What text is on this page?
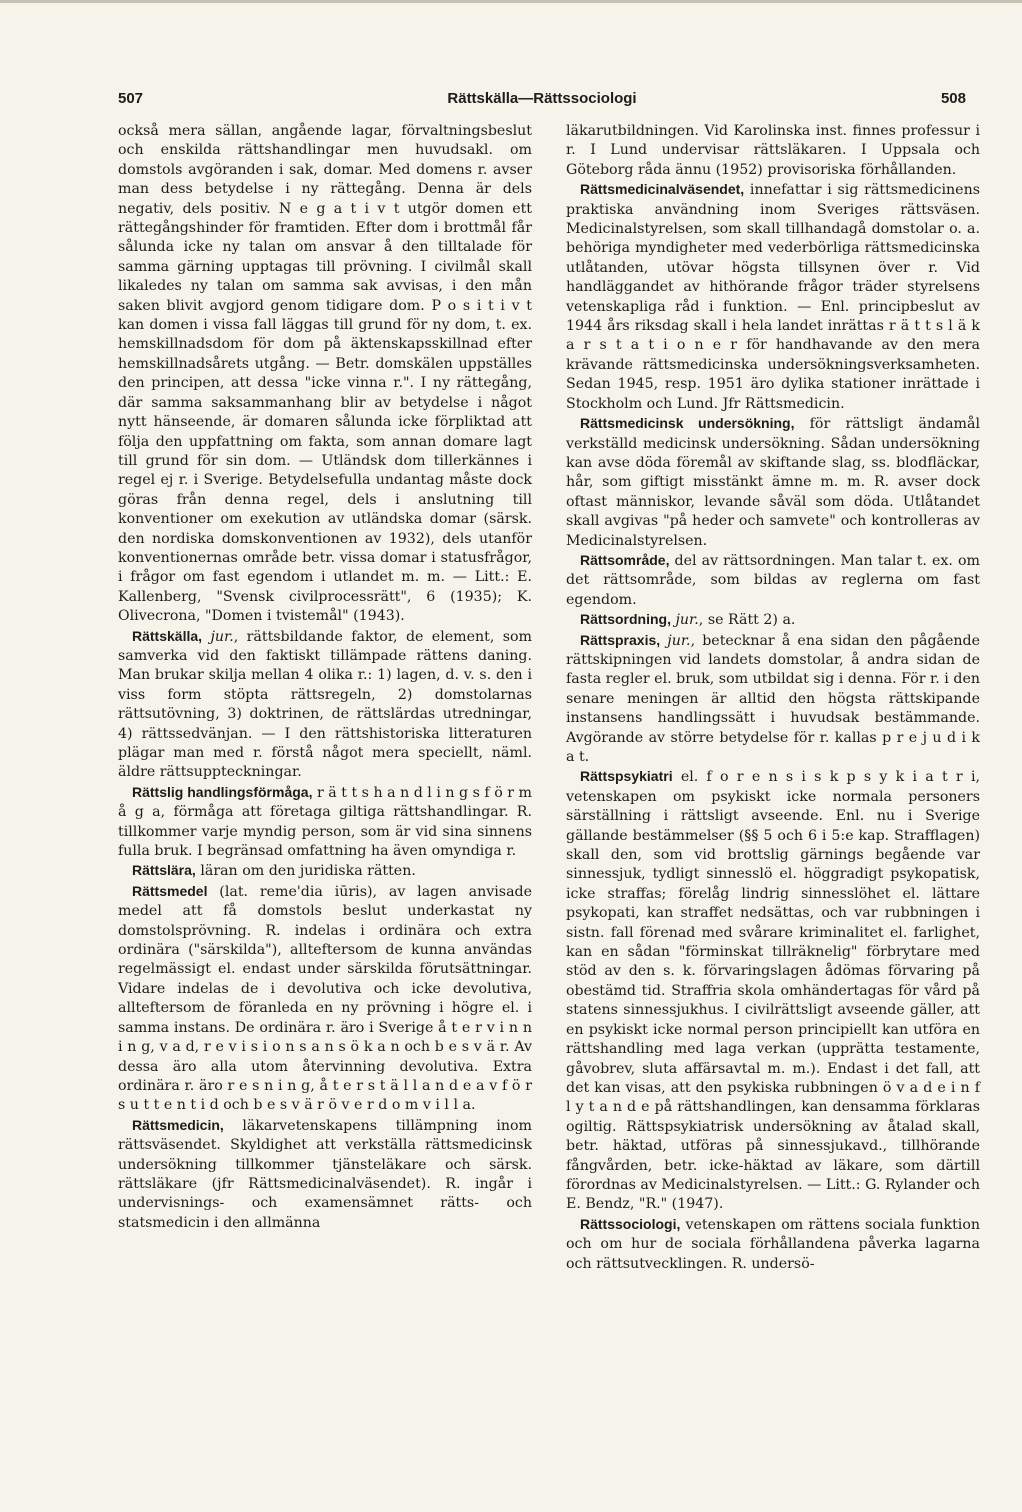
507	Rättskälla—Rättssociologi	508

också mera sällan, angående lagar, förvaltningsbeslut och enskilda rättshandlingar men huvudsakl. om domstols avgöranden i sak, domar. Med domens r. avser man dess betydelse i ny rättegång. Denna är dels negativ, dels positiv. N e g a t i v t utgör domen ett rättegångshinder för framtiden. Efter dom i brottmål får sålunda icke ny talan om ansvar å den tilltalade för samma gärning upptagas till prövning. I civilmål skall likaledes ny talan om samma sak avvisas, i den mån saken blivit avgjord genom tidigare dom. P o s i t i v t kan domen i vissa fall läggas till grund för ny dom, t. ex. hemskillnadsdom för dom på äktenskapsskillnad efter hemskillnadsårets utgång. — Betr. domskälen uppställes den principen, att dessa "icke vinna r.". I ny rättegång, där samma saksammanhang blir av betydelse i något nytt hänseende, är domaren sålunda icke förpliktad att följa den uppfattning om fakta, som annan domare lagt till grund för sin dom. — Utländsk dom tillerkännes i regel ej r. i Sverige. Betydelsefulla undantag måste dock göras från denna regel, dels i anslutning till konventioner om exekution av utländska domar (särsk. den nordiska domskonventionen av 1932), dels utanför konventionernas område betr. vissa domar i statusfrågor, i frågor om fast egendom i utlandet m. m. — Litt.: E. Kallenberg, "Svensk civilprocessrätt", 6 (1935); K. Olivecrona, "Domen i tvistemål" (1943).

Rättskälla, jur., rättsbildande faktor, de element, som samverka vid den faktiskt tillämpade rättens daning. Man brukar skilja mellan 4 olika r.: 1) lagen, d. v. s. den i viss form stöpta rättsregeln, 2) domstolarnas rättsutövning, 3) doktrinen, de rättslärdas utredningar, 4) rättssedvänjan. — I den rättshistoriska litteraturen plägar man med r. förstå något mera speciellt, näml. äldre rättsuppteckningar.

Rättslig handlingsförmåga, r ä t t s h a n d l i n g s f ö r m å g a, förmåga att företaga giltiga rättshandlingar. R. tillkommer varje myndig person, som är vid sina sinnens fulla bruk. I begränsad omfattning ha även omyndiga r.

Rättslära, läran om den juridiska rätten.

Rättsmedel (lat. reme'dia iūris), av lagen anvisade medel att få domstols beslut underkastat ny domstolsprövning. R. indelas i ordinära och extra ordinära ("särskilda"), allteftersom de kunna användas regelmässigt el. endast under särskilda förutsättningar. Vidare indelas de i devolutiva och icke devolutiva, allteftersom de föranleda en ny prövning i högre el. i samma instans. De ordinära r. äro i Sverige å t e r v i n n i n g, v a d, r e v i s i o n s a n s ö k a n och b e s v ä r. Av dessa äro alla utom återvinning devolutiva. Extra ordinära r. äro r e s n i n g, å t e r s t ä l l a n d e a v f ö r s u t t e n t i d och b e s v ä r ö v e r d o m v i l l a.

Rättsmedicin, läkarvetenskapens tillämpning inom rättsväsendet. Skyldighet att verkställa rättsmedicinsk undersökning tillkommer tjänsteläkare och särsk. rättsläkare (jfr Rättsmedicinalväsendet). R. ingår i undervisnings- och examensämnet rätts- och statsmedicin i den allmänna

läkarutbildningen. Vid Karolinska inst. finnes professur i r. I Lund undervisar rättsläkaren. I Uppsala och Göteborg råda ännu (1952) provisoriska förhållanden.

Rättsmedicinalväsendet, innefattar i sig rättsmedicinens praktiska användning inom Sveriges rättsväsen. Medicinalstyrelsen, som skall tillhandagå domstolar o. a. behöriga myndigheter med vederbörliga rättsmedicinska utlåtanden, utövar högsta tillsynen över r. Vid handläggandet av hithörande frågor träder styrelsens vetenskapliga råd i funktion. — Enl. principbeslut av 1944 års riksdag skall i hela landet inrättas r ä t t s l ä k a r s t a t i o n e r för handhavande av den mera krävande rättsmedicinska undersökningsverksamheten. Sedan 1945, resp. 1951 äro dylika stationer inrättade i Stockholm och Lund. Jfr Rättsmedicin.

Rättsmedicinsk undersökning, för rättsligt ändamål verkställd medicinsk undersökning. Sådan undersökning kan avse döda föremål av skiftande slag, ss. blodfläckar, hår, som giftigt misstänkt ämne m. m. R. avser dock oftast människor, levande såväl som döda. Utlåtandet skall avgivas "på heder och samvete" och kontrolleras av Medicinalstyrelsen.

Rättsområde, del av rättsordningen. Man talar t. ex. om det rättsområde, som bildas av reglerna om fast egendom.

Rättsordning, jur., se Rätt 2) a.

Rättspraxis, jur., betecknar å ena sidan den pågående rättskipningen vid landets domstolar, å andra sidan de fasta regler el. bruk, som utbildat sig i denna. För r. i den senare meningen är alltid den högsta rättskipande instansens handlingssätt i huvudsak bestämmande. Avgörande av större betydelse för r. kallas p r e j u d i k a t.

Rättspsykiatri el. f o r e n s i s k p s y k i a t r i, vetenskapen om psykiskt icke normala personers särställning i rättsligt avseende. Enl. nu i Sverige gällande bestämmelser (§§ 5 och 6 i 5:e kap. Strafflagen) skall den, som vid brottslig gärnings begående var sinnessjuk, tydligt sinnesslö el. höggradigt psykopatisk, icke straffas; förelåg lindrig sinnesslöhet el. lättare psykopati, kan straffet nedsättas, och var rubbningen i sistn. fall förenad med svårare kriminalitet el. farlighet, kan en sådan "förminskat tillräknelig" förbrytare med stöd av den s. k. förvaringslagen ådömas förvaring på obestämd tid. Straffria skola omhändertagas för vård på statens sinnessjukhus. I civilrättsligt avseende gäller, att en psykiskt icke normal person principiellt kan utföra en rättshandling med laga verkan (upprätta testamente, gåvobrev, sluta affärsavtal m. m.). Endast i det fall, att det kan visas, att den psykiska rubbningen ö v a d e i n f l y t a n d e på rättshandlingen, kan densamma förklaras ogiltig. Rättspsykiatrisk undersökning av åtalad skall, betr. häktad, utföras på sinnessjukavd., tillhörande fångvården, betr. icke-häktad av läkare, som därtill förordnas av Medicinalstyrelsen. — Litt.: G. Rylander och E. Bendz, "R." (1947).

Rättssociologi, vetenskapen om rättens sociala funktion och om hur de sociala förhållandena påverka lagarna och rättsutvecklingen. R. undersö-
